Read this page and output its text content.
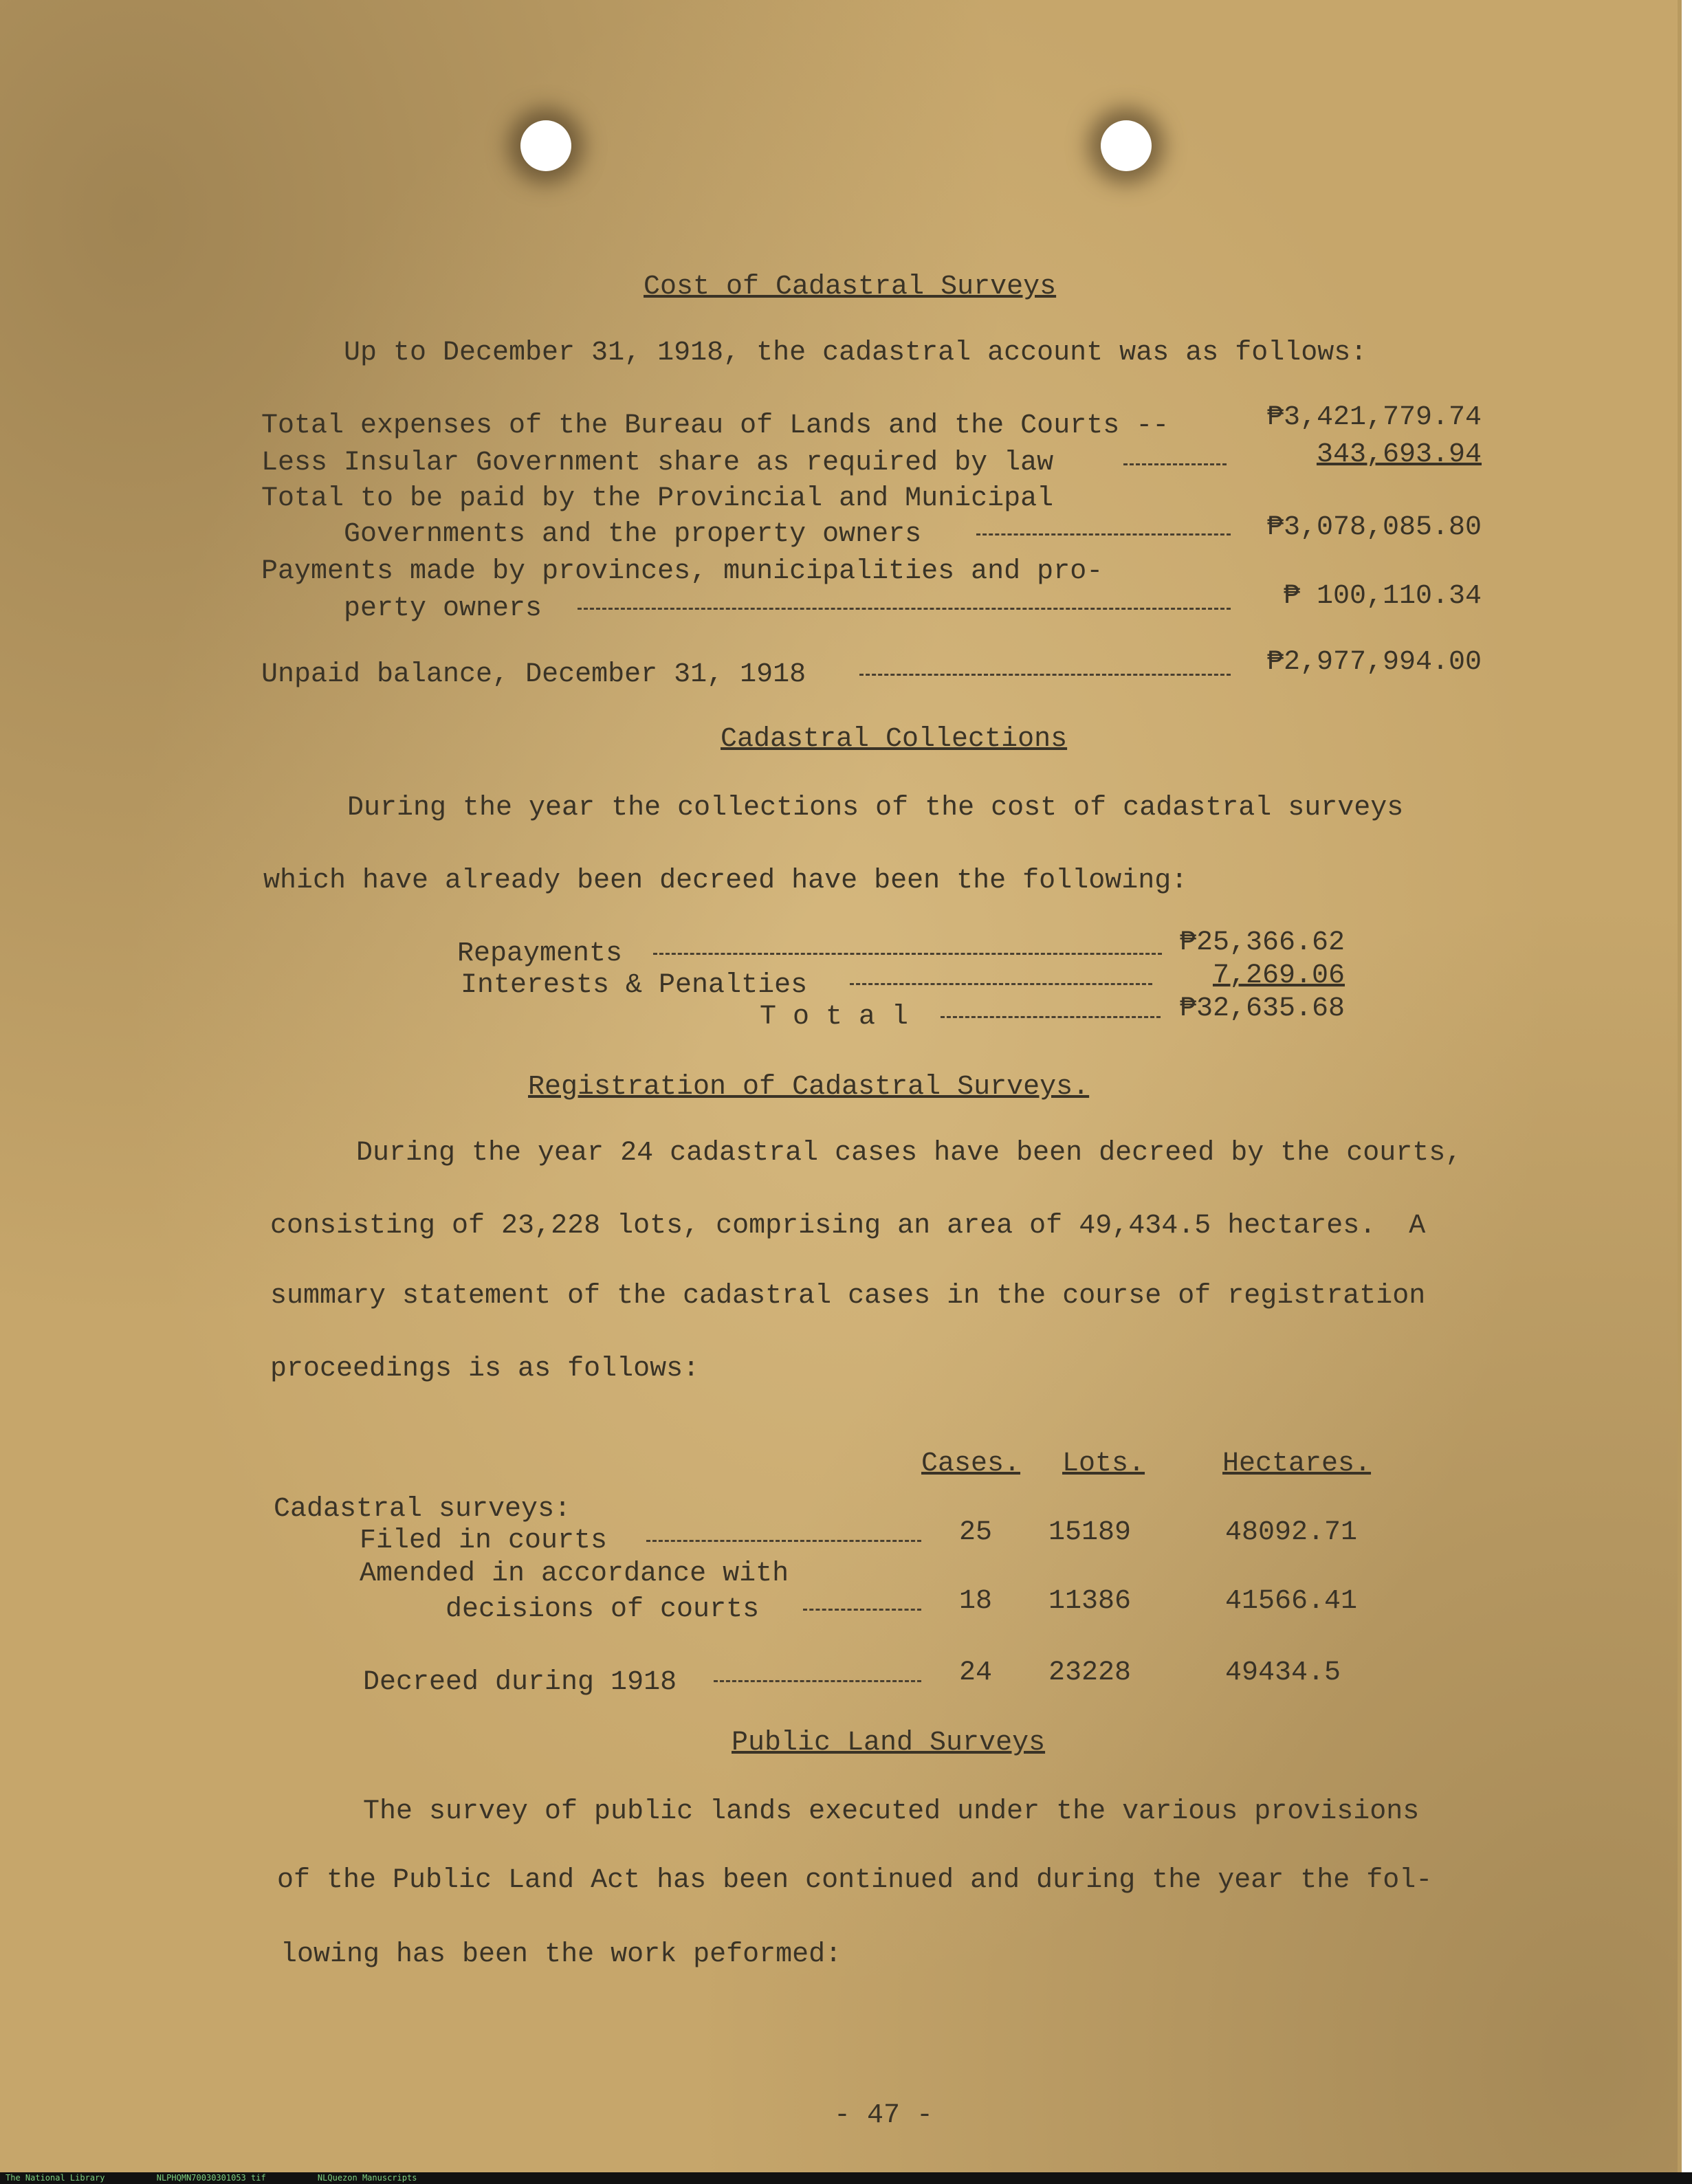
Cost of Cadastral Surveys
Up to December 31, 1918, the cadastral account was as follows:
Total expenses of the Bureau of Lands and the Courts --	₱3,421,779.74
Less Insular Government share as required by law	343,693.94
Total to be paid by the Provincial and Municipal
Governments and the property owners	₱3,078,085.80
Payments made by provinces, municipalities and pro-
perty owners	₱ 100,110.34
Unpaid balance, December 31, 1918	₱2,977,994.00
Cadastral Collections
During the year the collections of the cost of cadastral surveys
which have already been decreed have been the following:
Repayments	₱25,366.62
Interests & Penalties	7,269.06
T o t a l	₱32,635.68
Registration of Cadastral Surveys.
During the year 24 cadastral cases have been decreed by the courts,
consisting of 23,228 lots, comprising an area of 49,434.5 hectares.  A
summary statement of the cadastral cases in the course of registration
proceedings is as follows:
Cases. Lots.	Hectares.
Cadastral surveys:
Filed in courts	25 15189	48092.71
Amended in accordance with
decisions of courts	18 11386	41566.41
Decreed during 1918	24 23228	49434.5
Public Land Surveys
The survey of public lands executed under the various provisions
of the Public Land Act has been continued and during the year the fol-
lowing has been the work peformed:
- 47 -
The National Library	NLPHQMN70030301053 tif	NLQuezon Manuscripts
